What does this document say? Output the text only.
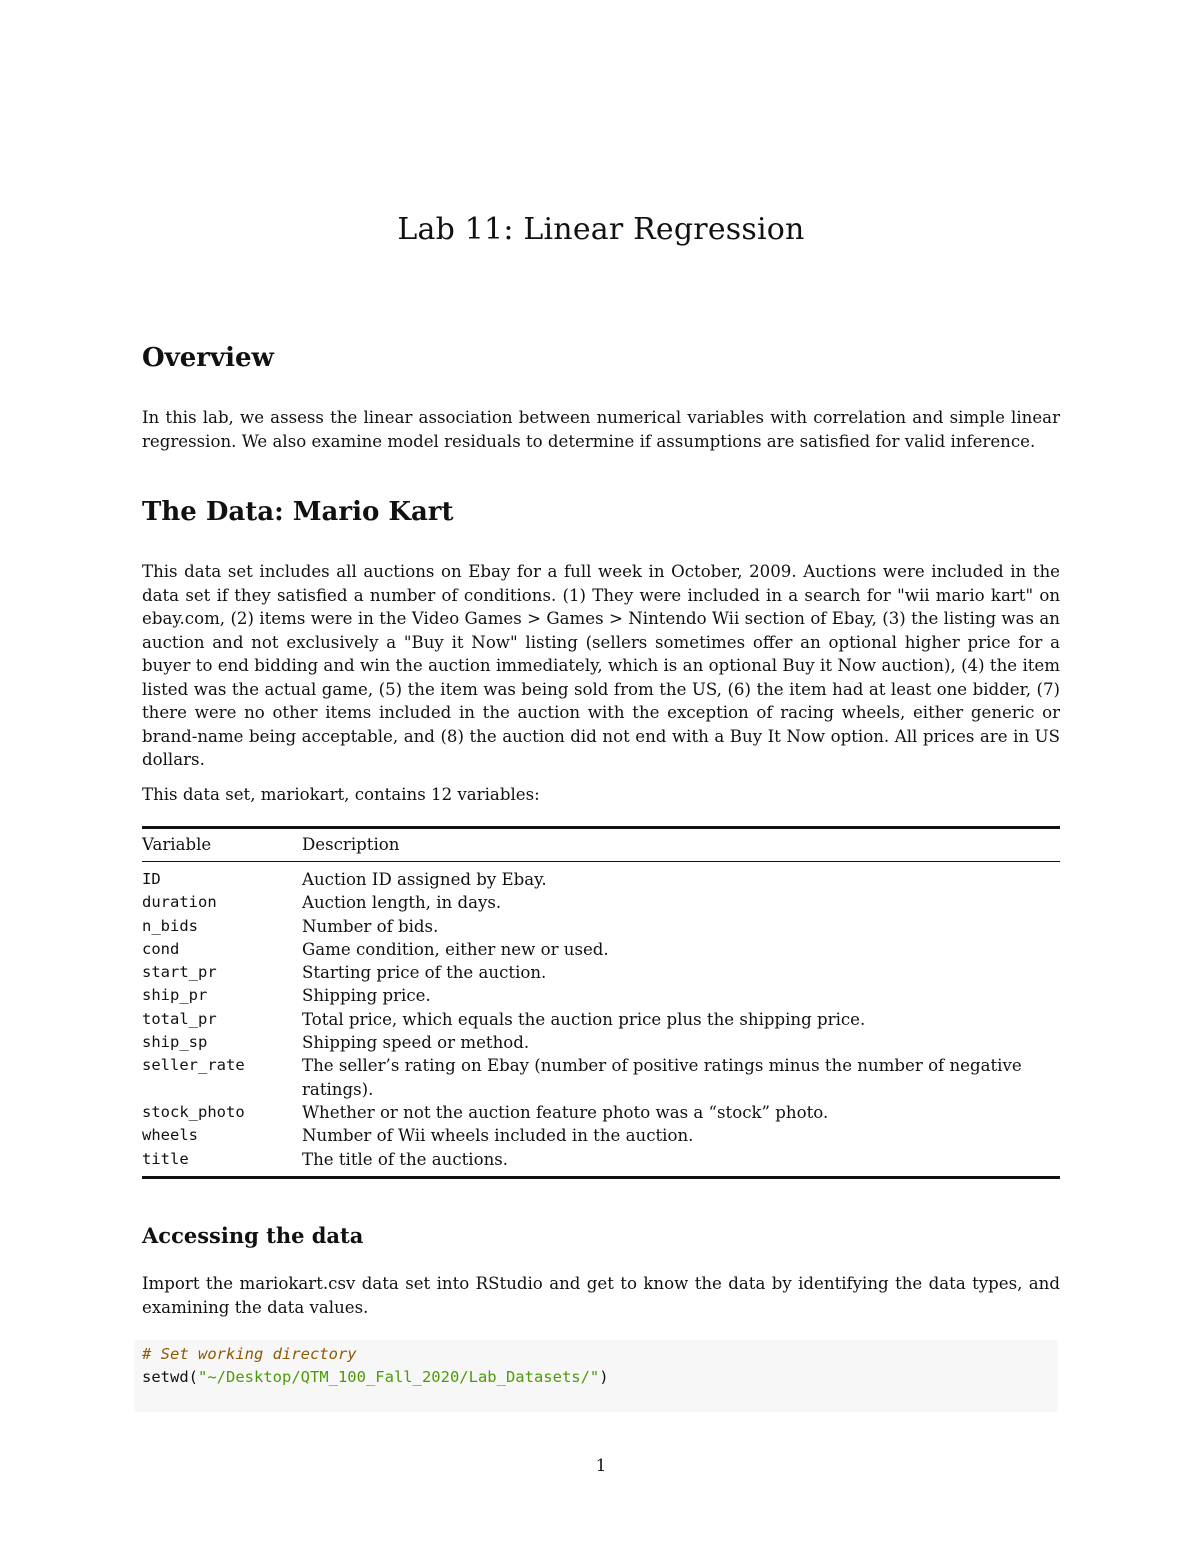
Lab 11: Linear Regression
Overview

In this lab, we assess the linear association between numerical variables with correlation and simple linear regression. We also examine model residuals to determine if assumptions are satisfied for valid inference.

The Data: Mario Kart

This data set includes all auctions on Ebay for a full week in October, 2009. Auctions were included in the data set if they satisfied a number of conditions. (1) They were included in a search for "wii mario kart" on ebay.com, (2) items were in the Video Games > Games > Nintendo Wii section of Ebay, (3) the listing was an auction and not exclusively a "Buy it Now" listing (sellers sometimes offer an optional higher price for a buyer to end bidding and win the auction immediately, which is an optional Buy it Now auction), (4) the item listed was the actual game, (5) the item was being sold from the US, (6) the item had at least one bidder, (7) there were no other items included in the auction with the exception of racing wheels, either generic or brand-name being acceptable, and (8) the auction did not end with a Buy It Now option. All prices are in US dollars.

This data set, mariokart, contains 12 variables:

Variable	Description
ID	Auction ID assigned by Ebay.
duration	Auction length, in days.
n_bids	Number of bids.
cond	Game condition, either new or used.
start_pr	Starting price of the auction.
ship_pr	Shipping price.
total_pr	Total price, which equals the auction price plus the shipping price.
ship_sp	Shipping speed or method.
seller_rate	The seller’s rating on Ebay (number of positive ratings minus the number of negative ratings).
stock_photo	Whether or not the auction feature photo was a “stock” photo.
wheels	Number of Wii wheels included in the auction.
title	The title of the auctions.
Accessing the data

Import the mariokart.csv data set into RStudio and get to know the data by identifying the data types, and examining the data values.

# Set working directory
setwd("~/Desktop/QTM_100_Fall_2020/Lab_Datasets/")
1
